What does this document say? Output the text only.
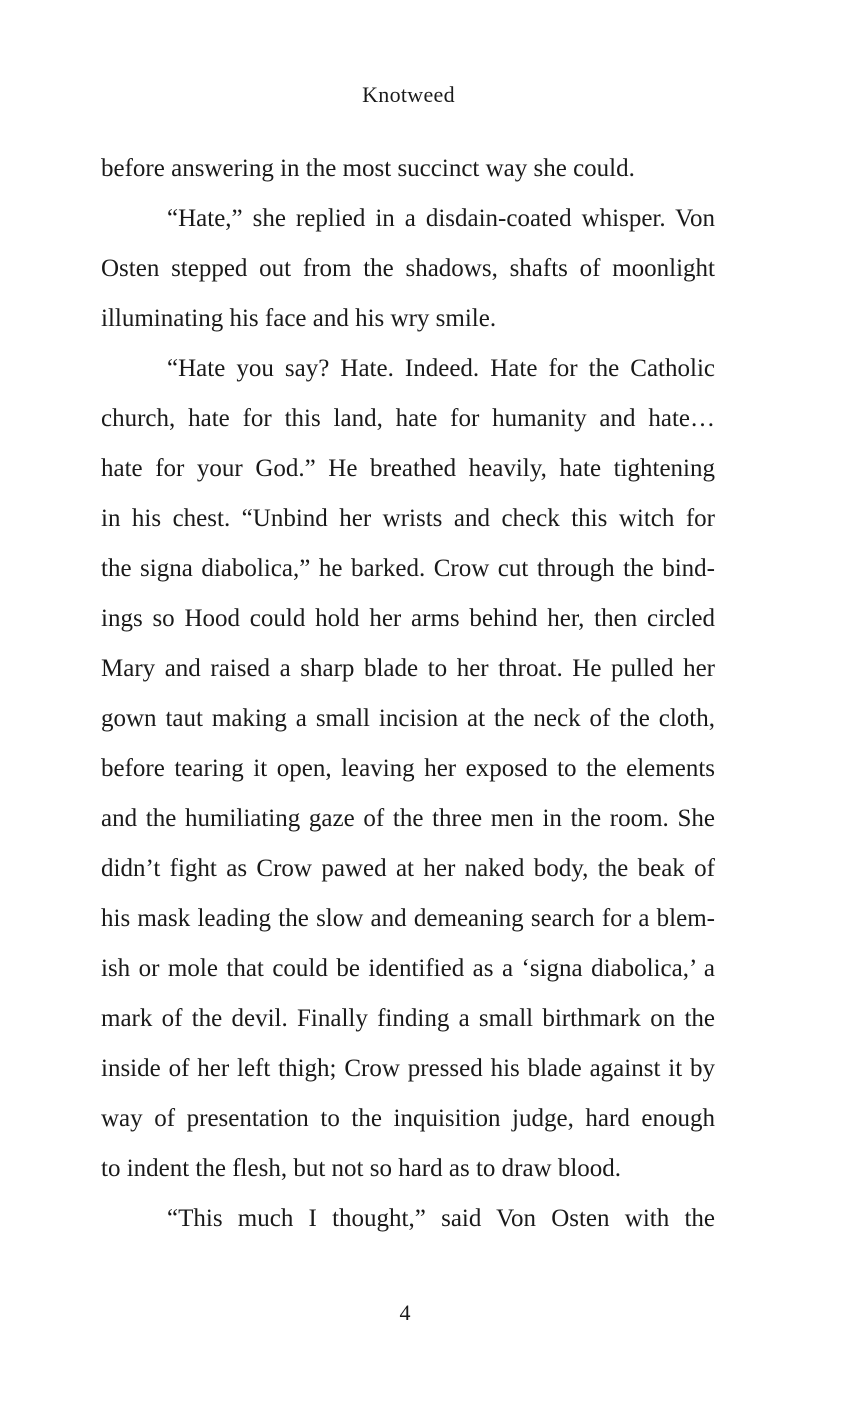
Knotweed
before answering in the most succinct way she could.
“Hate,” she replied in a disdain-coated whisper. Von
Osten stepped out from the shadows, shafts of moonlight
illuminating his face and his wry smile.
“Hate you say? Hate. Indeed. Hate for the Catholic
church, hate for this land, hate for humanity and hate…
hate for your God.” He breathed heavily, hate tightening
in his chest. “Unbind her wrists and check this witch for
the signa diabolica,” he barked. Crow cut through the bind-
ings so Hood could hold her arms behind her, then circled
Mary and raised a sharp blade to her throat. He pulled her
gown taut making a small incision at the neck of the cloth,
before tearing it open, leaving her exposed to the elements
and the humiliating gaze of the three men in the room. She
didn’t fight as Crow pawed at her naked body, the beak of
his mask leading the slow and demeaning search for a blem-
ish or mole that could be identified as a ‘signa diabolica,’ a
mark of the devil. Finally finding a small birthmark on the
inside of her left thigh; Crow pressed his blade against it by
way of presentation to the inquisition judge, hard enough
to indent the flesh, but not so hard as to draw blood.
“This much I thought,” said Von Osten with the
4
